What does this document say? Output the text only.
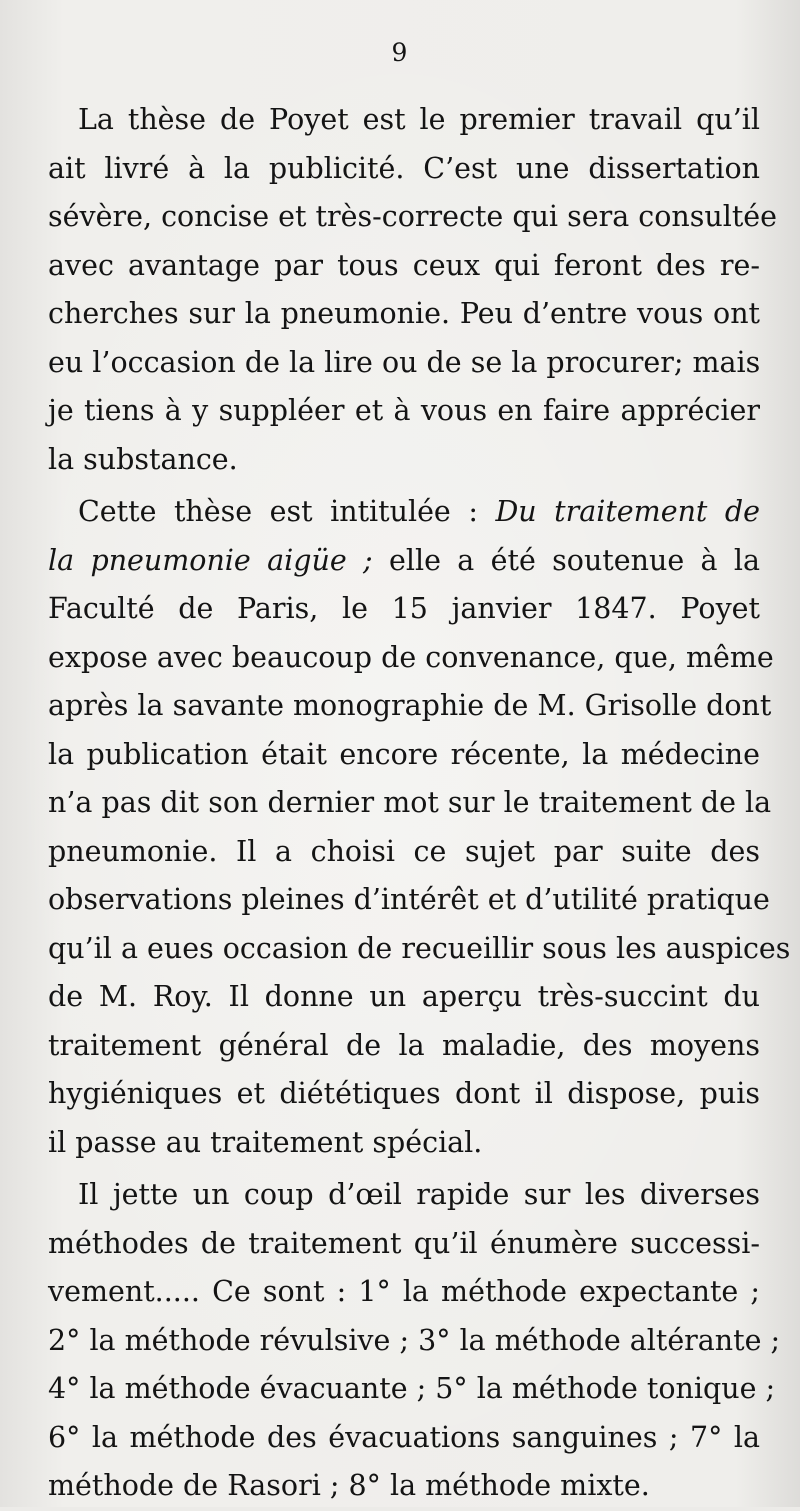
9
La thèse de Poyet est le premier travail qu’il
ait livré à la publicité. C’est une dissertation
sévère, concise et très-correcte qui sera consultée
avec avantage par tous ceux qui feront des re-
cherches sur la pneumonie. Peu d’entre vous ont
eu l’occasion de la lire ou de se la procurer; mais
je tiens à y suppléer et à vous en faire apprécier
la substance.
Cette thèse est intitulée : Du traitement de
la pneumonie aigüe ; elle a été soutenue à la
Faculté de Paris, le 15 janvier 1847. Poyet
expose avec beaucoup de convenance, que, même
après la savante monographie de M. Grisolle dont
la publication était encore récente, la médecine
n’a pas dit son dernier mot sur le traitement de la
pneumonie. Il a choisi ce sujet par suite des
observations pleines d’intérêt et d’utilité pratique
qu’il a eues occasion de recueillir sous les auspices
de M. Roy. Il donne un aperçu très-succint du
traitement général de la maladie, des moyens
hygiéniques et diététiques dont il dispose, puis
il passe au traitement spécial.
Il jette un coup d’œil rapide sur les diverses
méthodes de traitement qu’il énumère successi-
vement..... Ce sont : 1° la méthode expectante ;
2° la méthode révulsive ; 3° la méthode altérante ;
4° la méthode évacuante ; 5° la méthode tonique ;
6° la méthode des évacuations sanguines ; 7° la
méthode de Rasori ; 8° la méthode mixte.
